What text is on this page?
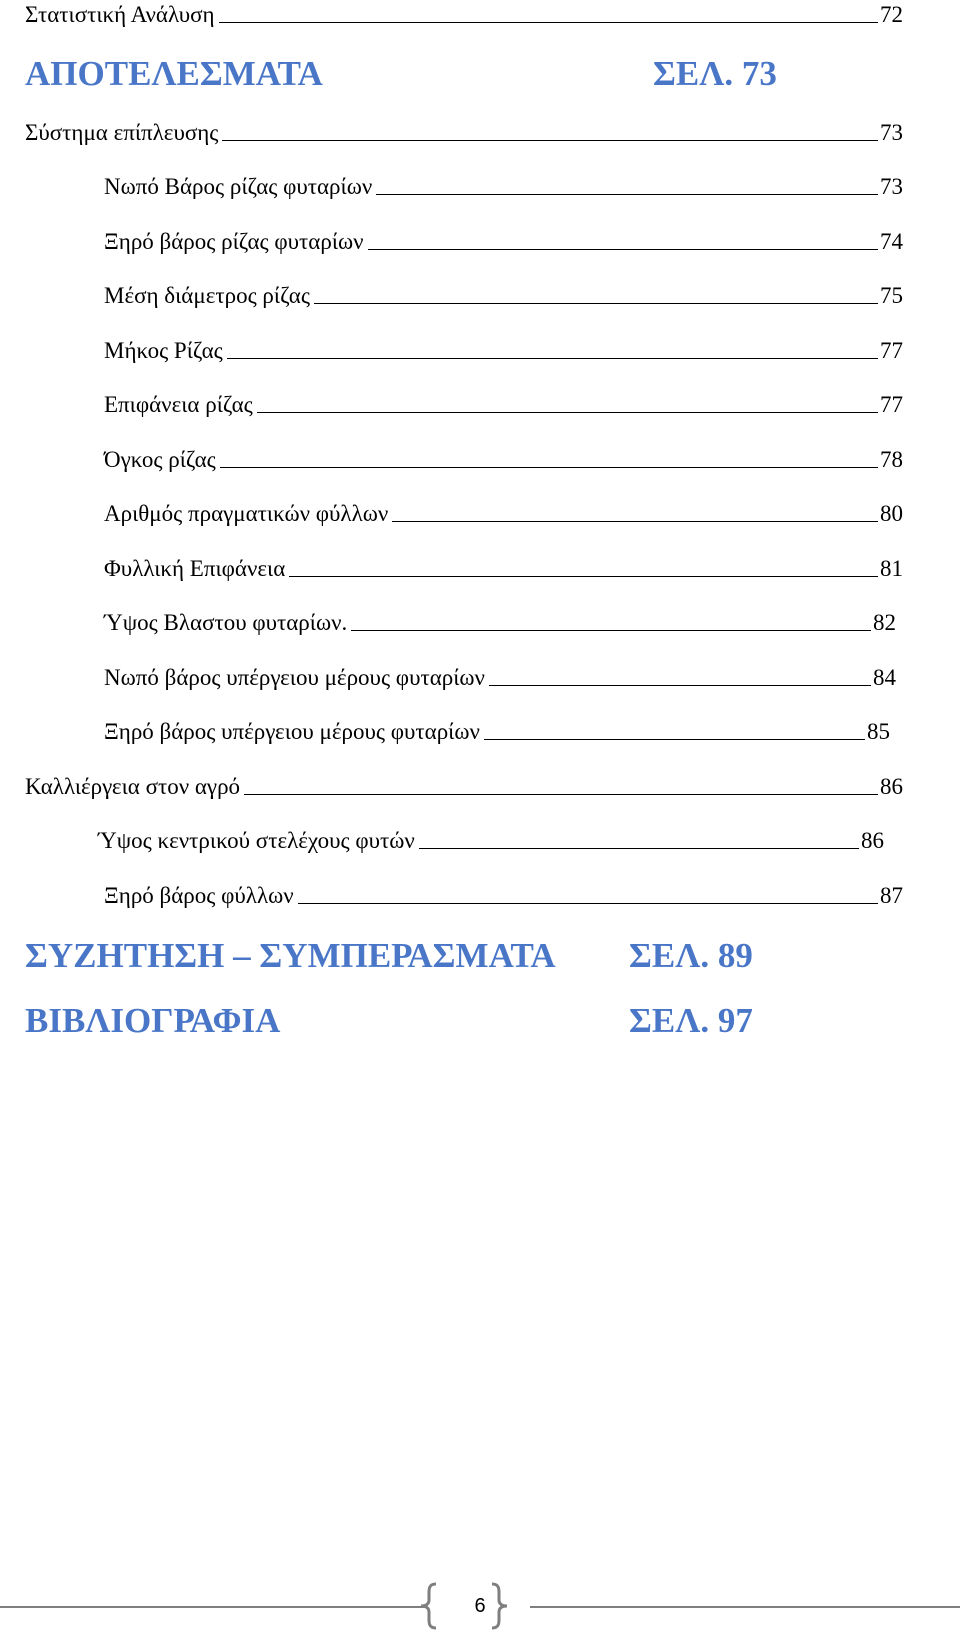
Στατιστική Ανάλυση	72
ΑΠΟΤΕΛΕΣΜΑΤΑ	ΣΕΛ. 73
Σύστημα επίπλευσης	73
Νωπό Βάρος ρίζας φυταρίων	73
Ξηρό βάρος ρίζας φυταρίων	74
Μέση διάμετρος ρίζας	75
Μήκος Ρίζας	77
Επιφάνεια ρίζας	77
Όγκος ρίζας	78
Αριθμός πραγματικών φύλλων	80
Φυλλική Επιφάνεια	81
Ύψος Βλαστου φυταρίων.	82
Νωπό βάρος υπέργειου μέρους φυταρίων	84
Ξηρό βάρος υπέργειου μέρους φυταρίων	85
Καλλιέργεια στον αγρό	86
Ύψος κεντρικού στελέχους φυτών	86
Ξηρό βάρος φύλλων	87
ΣΥΖΗΤΗΣΗ – ΣΥΜΠΕΡΑΣΜΑΤΑ ΣΕΛ. 89
ΒΙΒΛΙΟΓΡΑΦΙΑ	ΣΕΛ. 97
6
